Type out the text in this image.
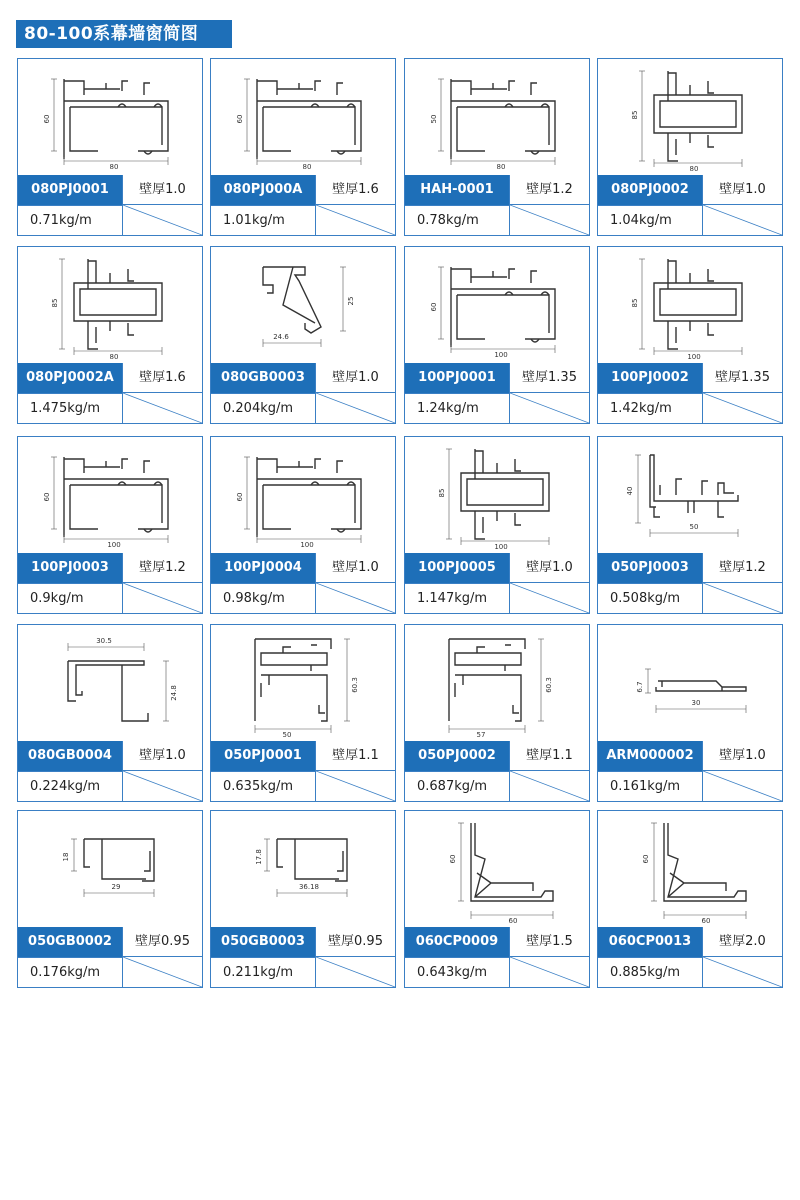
80-100系幕墙窗简图
60
80
080PJ0001	壁厚1.0
0.71kg/m
60
80
080PJ000A	壁厚1.6
1.01kg/m
50
80
HAH-0001	壁厚1.2
0.78kg/m
85
80
080PJ0002	壁厚1.0
1.04kg/m
85
80
080PJ0002A	壁厚1.6
1.475kg/m
25
24.6
080GB0003	壁厚1.0
0.204kg/m
60
100
100PJ0001	壁厚1.35
1.24kg/m
85
100
100PJ0002	壁厚1.35
1.42kg/m
60
100
100PJ0003	壁厚1.2
0.9kg/m
60
100
100PJ0004	壁厚1.0
0.98kg/m
85
100
100PJ0005	壁厚1.0
1.147kg/m
40
50
050PJ0003	壁厚1.2
0.508kg/m
30.5
24.8
080GB0004	壁厚1.0
0.224kg/m
60.3
50
050PJ0001	壁厚1.1
0.635kg/m
60.3
57
050PJ0002	壁厚1.1
0.687kg/m
6.7
30
ARM000002	壁厚1.0
0.161kg/m
18
29
050GB0002	壁厚0.95
0.176kg/m
17.8
36.18
050GB0003	壁厚0.95
0.211kg/m
60
60
060CP0009	壁厚1.5
0.643kg/m
60
60
060CP0013	壁厚2.0
0.885kg/m
